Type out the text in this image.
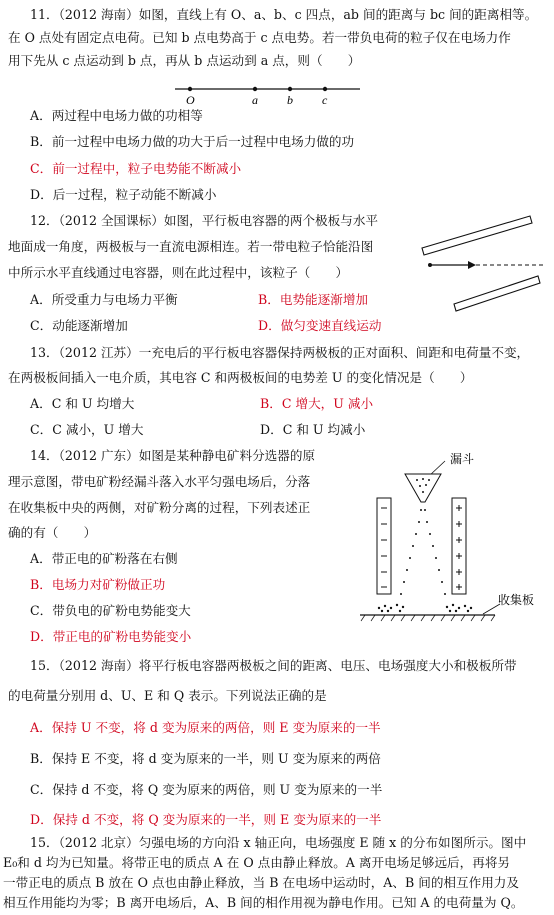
11．（2012 海南）如图，直线上有 O、a、b、c 四点，ab 间的距离与 bc 间的距离相等。
在 O 点处有固定点电荷。已知 b 点电势高于 c 点电势。若一带负电荷的粒子仅在电场力作
用下先从 c 点运动到 b 点，再从 b 点运动到 a 点，则（　　）
O	a b c
A．两过程中电场力做的功相等
B．前一过程中电场力做的功大于后一过程中电场力做的功
C．前一过程中，粒子电势能不断减小
D．后一过程，粒子动能不断减小
12．（2012 全国课标）如图，平行板电容器的两个极板与水平
地面成一角度，两极板与一直流电源相连。若一带电粒子恰能沿图
中所示水平直线通过电容器，则在此过程中，该粒子（　　）
A．所受重力与电场力平衡	B．电势能逐渐增加
C．动能逐渐增加	D．做匀变速直线运动
13．（2012 江苏）一充电后的平行板电容器保持两极板的正对面积、间距和电荷量不变，
在两极板间插入一电介质，其电容 C 和两极板间的电势差 U 的变化情况是（　　）
A．C 和 U 均增大	B．C 增大，U 减小
C．C 减小，U 增大	D．C 和 U 均减小
14．（2012 广东）如图是某种静电矿料分选器的原
理示意图，带电矿粉经漏斗落入水平匀强电场后，分落
在收集板中央的两侧，对矿粉分离的过程，下列表述正
确的有（　　）
漏斗
收集板
A．带正电的矿粉落在右侧
B．电场力对矿粉做正功
C．带负电的矿粉电势能变大
D．带正电的矿粉电势能变小
15．（2012 海南）将平行板电容器两极板之间的距离、电压、电场强度大小和极板所带
的电荷量分别用 d、U、E 和 Q 表示。下列说法正确的是
A．保持 U 不变，将 d 变为原来的两倍，则 E 变为原来的一半
B．保持 E 不变，将 d 变为原来的一半，则 U 变为原来的两倍
C．保持 d 不变，将 Q 变为原来的两倍，则 U 变为原来的一半
D．保持 d 不变，将 Q 变为原来的一半，则 E 变为原来的一半
15．（2012 北京）匀强电场的方向沿 x 轴正向，电场强度 E 随 x 的分布如图所示。图中
E₀和 d 均为已知量。将带正电的质点 A 在 O 点由静止释放。A 离开电场足够远后，再将另
一带正电的质点 B 放在 O 点也由静止释放，当 B 在电场中运动时，A、B 间的相互作用力及
相互作用能均为零；B 离开电场后，A、B 间的相作用视为静电作用。已知 A 的电荷量为 Q。
